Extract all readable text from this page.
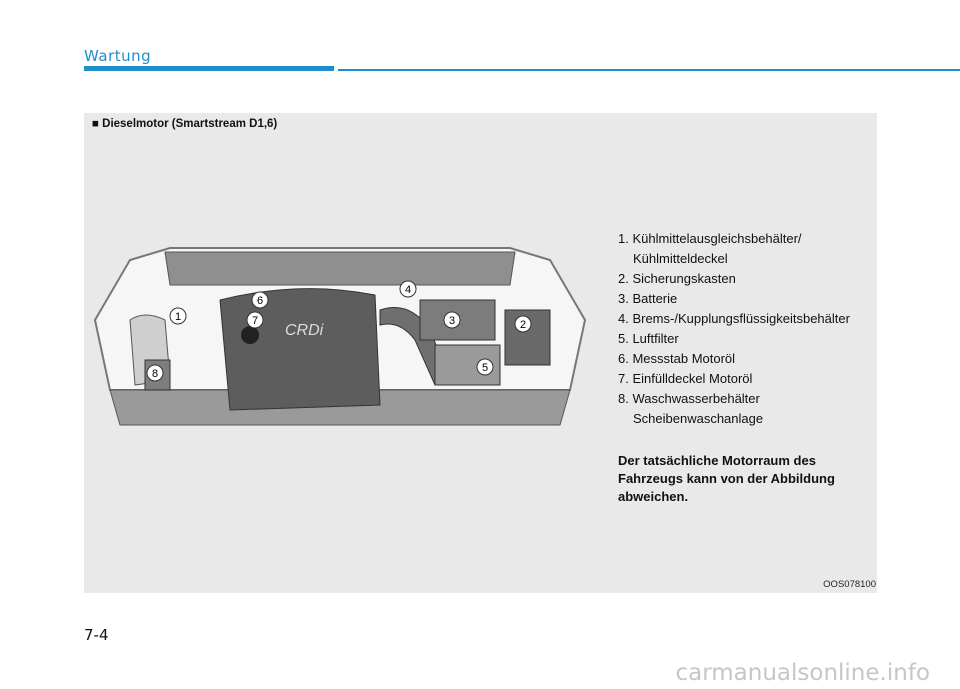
Wartung
■ Dieselmotor (Smartstream D1,6)
CRDi
1
2
3
4
5
6
7
8
1. Kühlmittelausgleichsbehälter/ Kühlmitteldeckel
2. Sicherungskasten
3. Batterie
4. Brems-/Kupplungsflüssigkeitsbehälter
5. Luftfilter
6. Messstab Motoröl
7. Einfülldeckel Motoröl
8. Waschwasserbehälter Scheibenwaschanlage
Der tatsächliche Motorraum des Fahrzeugs kann von der Abbildung abweichen.
OOS078100
7-4
carmanualsonline.info
